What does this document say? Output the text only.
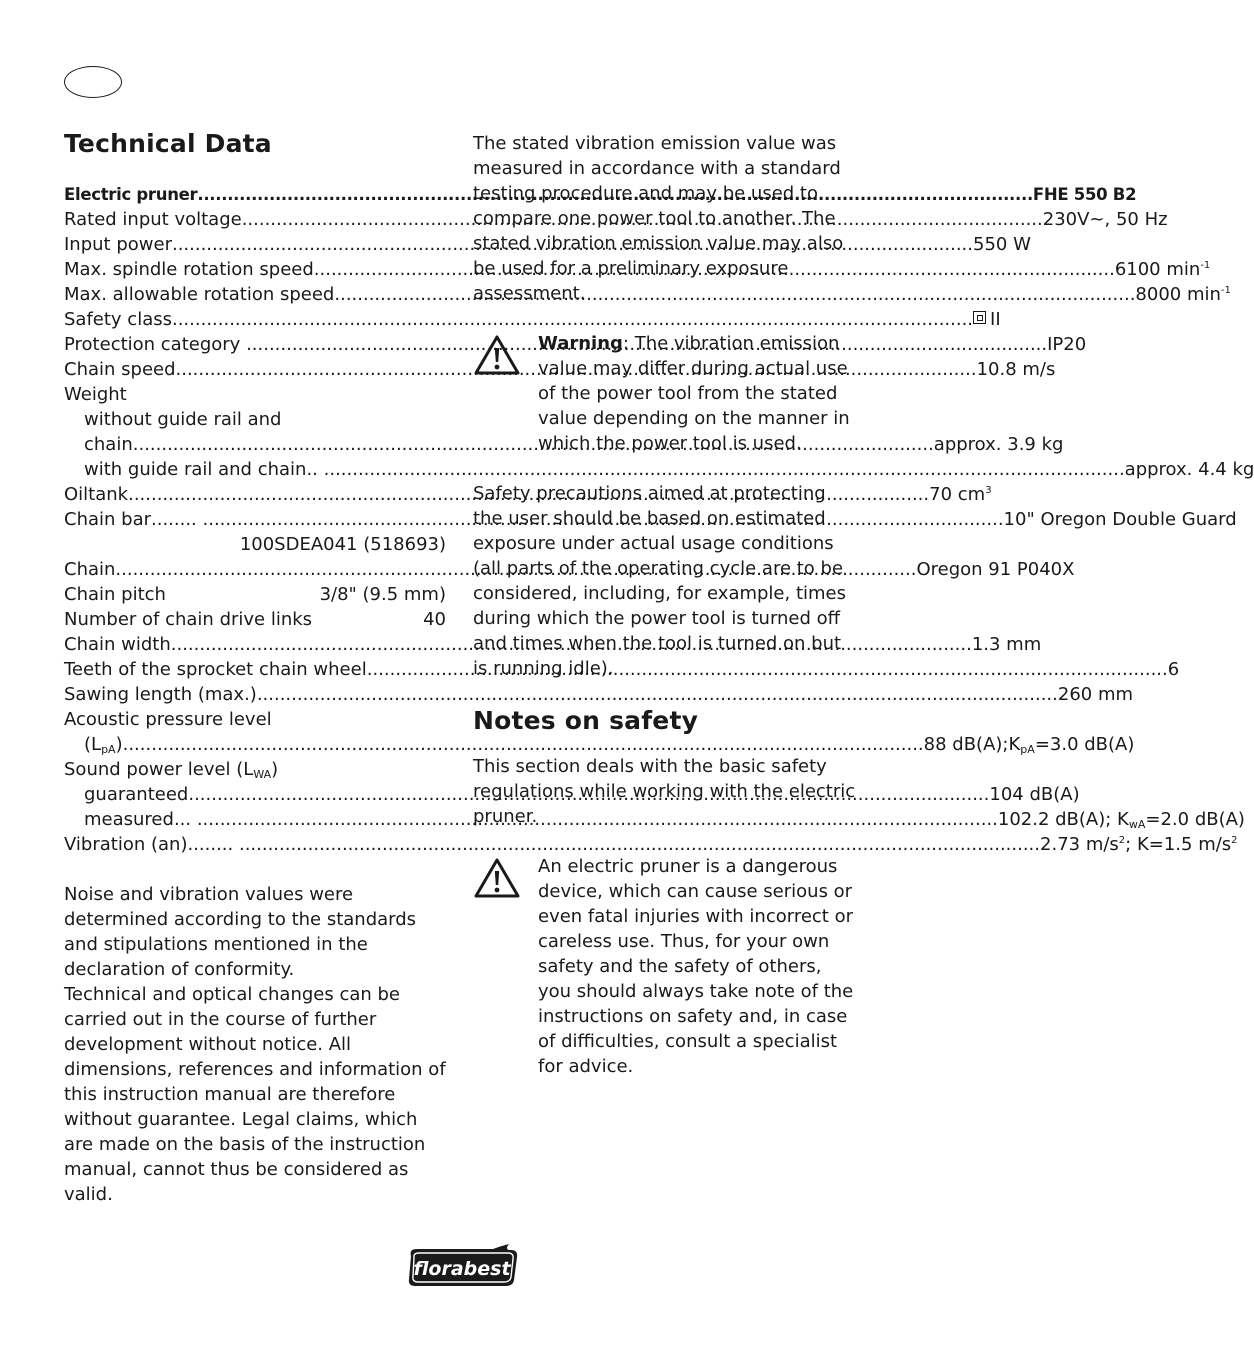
Technical Data
Electric pruner .....	FHE 550 B2
Rated input voltage .....	230V~, 50 Hz
Input power .....	550 W
Max. spindle rotation speed .....	6100 $\min^{-1}$
Max. allowable rotation speed .....	8000 $\min^{-1}$
Safety class .....	II
Protection category .....	IP20
Chain speed .....	10.8 m/s
Weight
without guide rail and
chain .....	approx. 3.9 kg
with guide rail and chain .. .....	approx. 4.4 kg
Oiltank .....	70 $cm^3$
Chain bar ........ .....	10" Oregon Double Guard
100SDEA041 (518693)
Chain .....	Oregon 91 P040X
Chain pitch	3/8" (9.5 mm)
Number of chain drive links	40
Chain width .....	1.3 mm
Teeth of the sprocket chain wheel .....	6
Sawing length (max.) .....	260 mm
Acoustic pressure level
$(L_{pA})$ .....	88 $dB(A);K_{pA}=3.0$ dB(A)
Sound power level $(L_{WA})$
guaranteed .....	104 dB(A)
measured ... .....	102.2 dB(A); $K_{wA}=2.0$ dB(A)
Vibration (an) ........ .....	2.73 $m/s^2$; K=1.5 $m/s^2$

Noise and vibration values were determined according to the standards and stipulations mentioned in the declaration of conformity.

Technical and optical changes can be carried out in the course of further development without notice. All dimensions, references and information of this instruction manual are therefore without guarantee. Legal claims, which are made on the basis of the instruction manual, cannot thus be considered as valid.

The stated vibration emission value was measured in accordance with a standard testing procedure and may be used to compare one power tool to another. The stated vibration emission value may also be used for a preliminary exposure assessment.

Warning: The vibration emission value may differ during actual use of the power tool from the stated value depending on the manner in which the power tool is used.

Safety precautions aimed at protecting the user should be based on estimated exposure under actual usage conditions (all parts of the operating cycle are to be considered, including, for example, times during which the power tool is turned off and times when the tool is turned on but is running idle).

Notes on safety

This section deals with the basic safety regulations while working with the electric pruner.

An electric pruner is a dangerous device, which can cause serious or even fatal injuries with incorrect or careless use. Thus, for your own safety and the safety of others, you should always take note of the instructions on safety and, in case of difficulties, consult a specialist for advice.
florabest
